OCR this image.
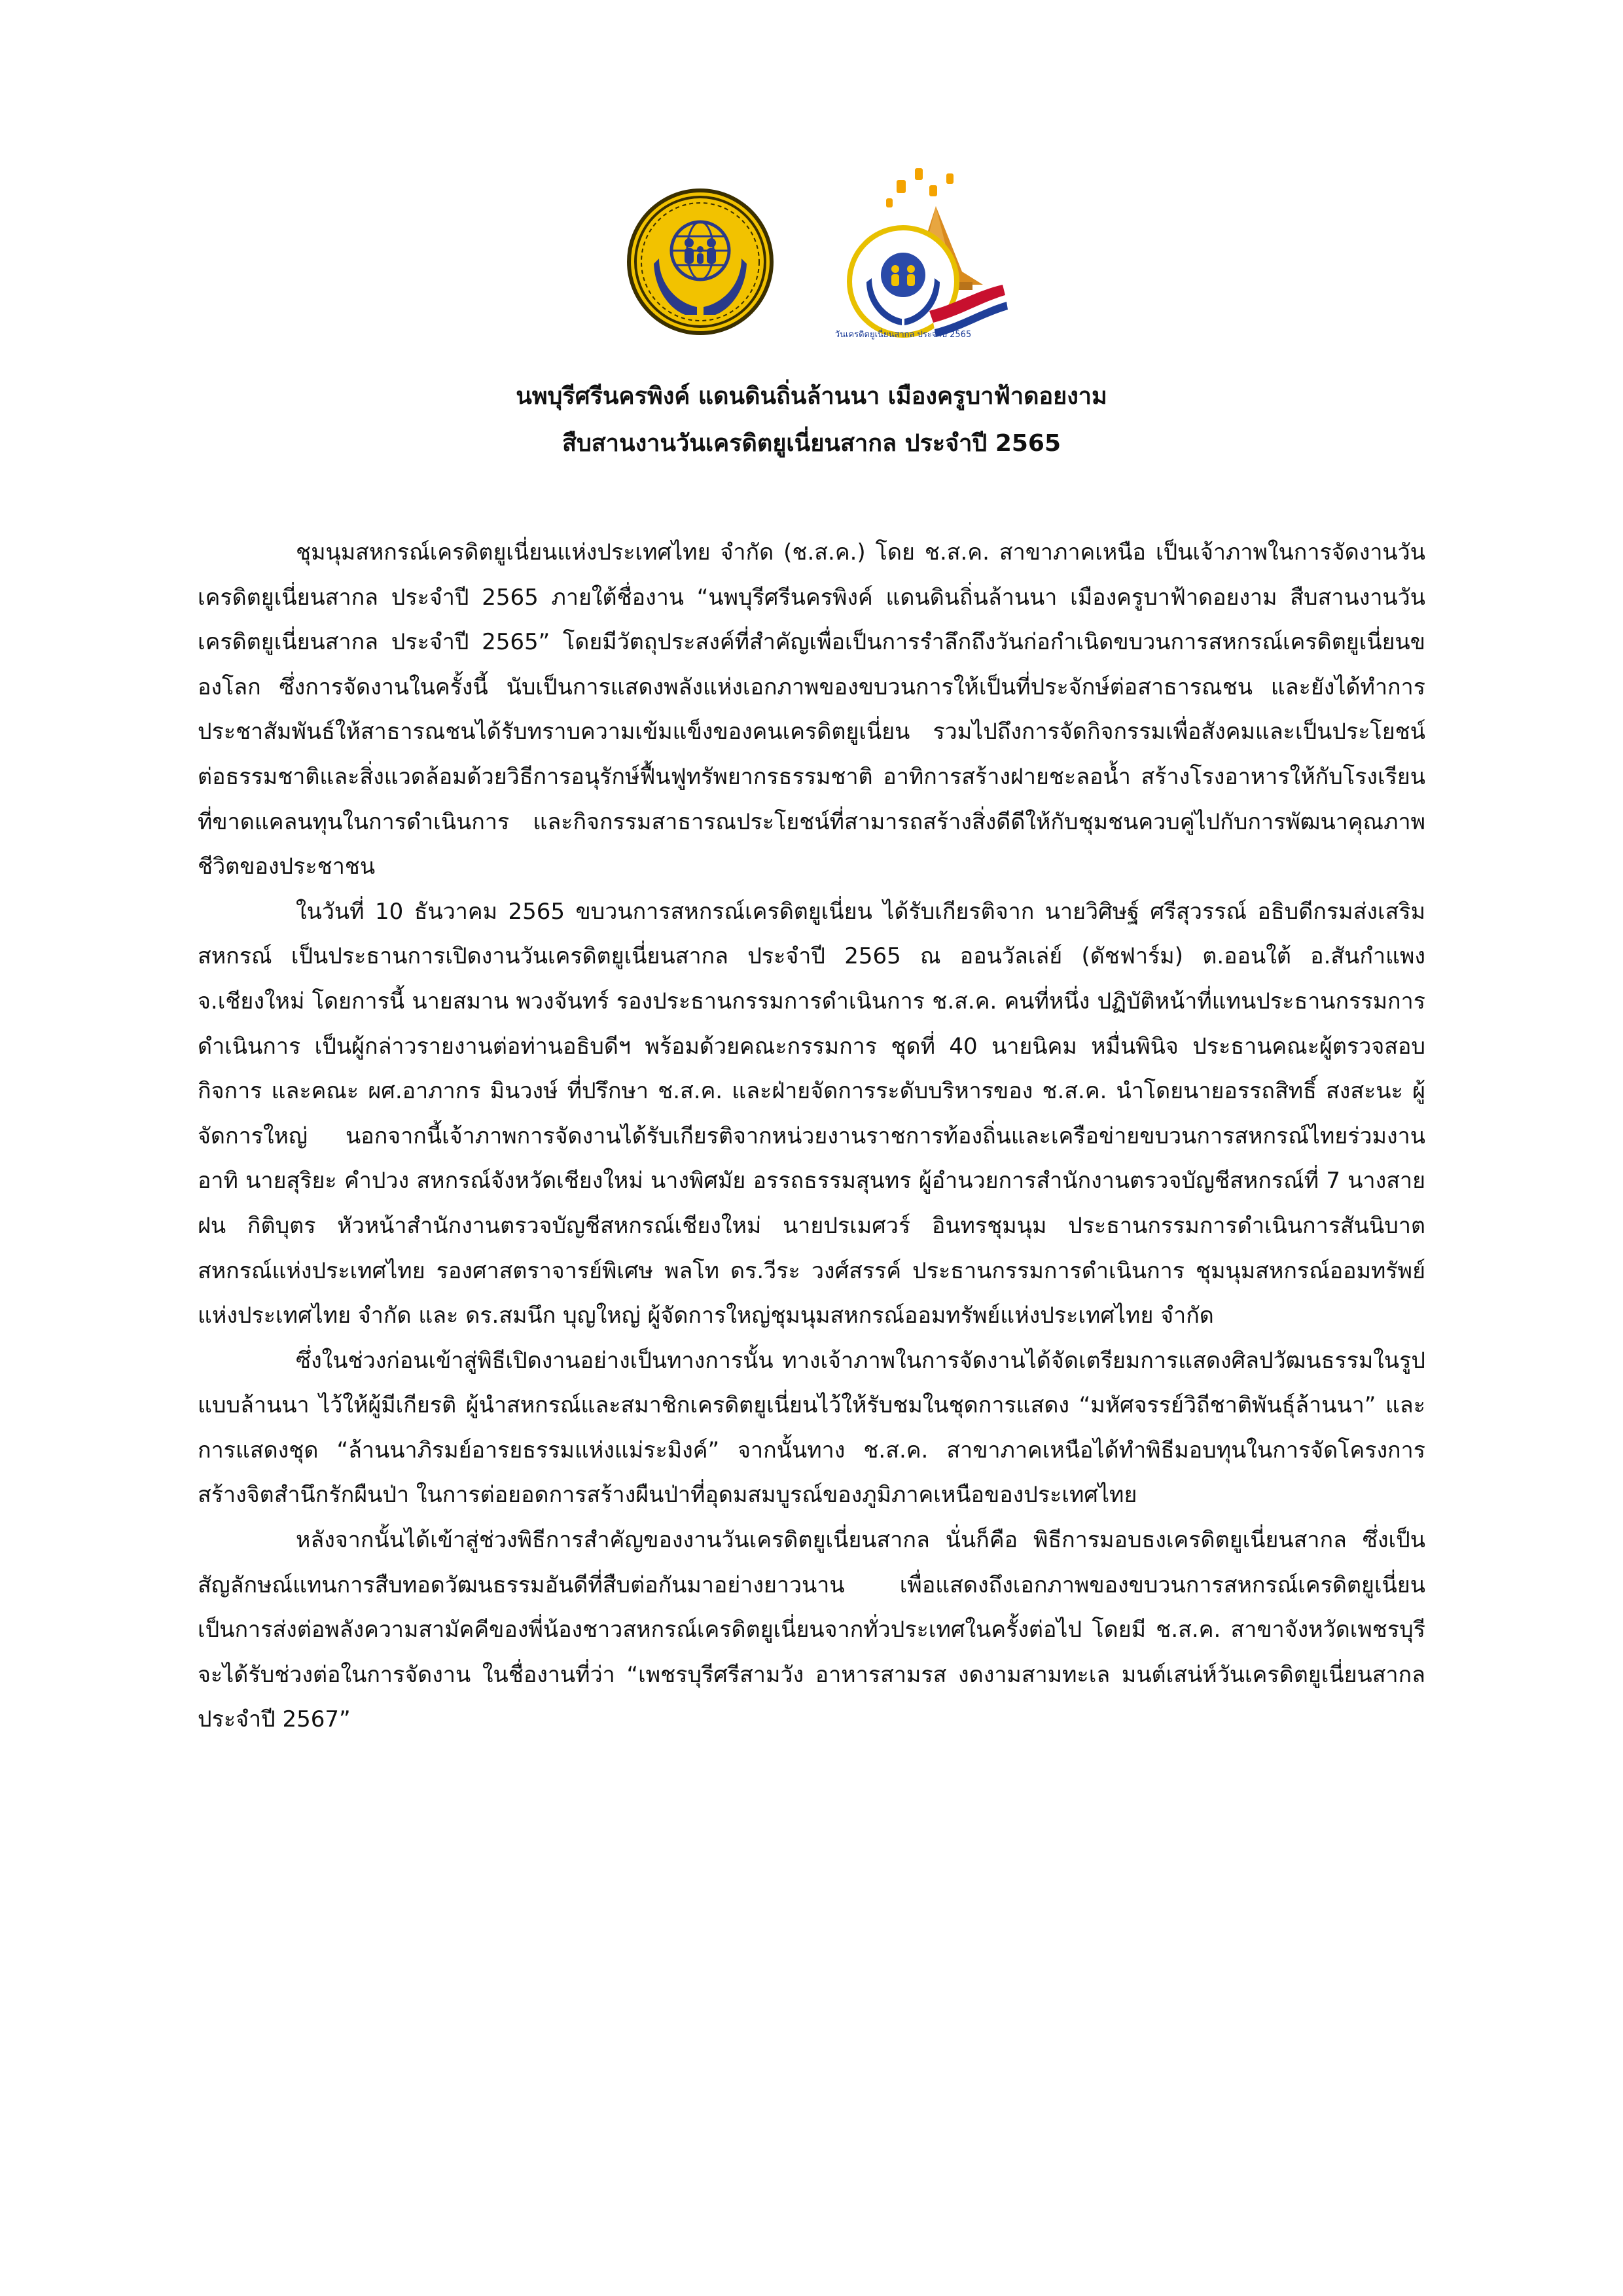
วันเครดิตยูเนี่ยนสากล ประจำปี 2565
นพบุรีศรีนครพิงค์ แดนดินถิ่นล้านนา เมืองครูบาฟ้าดอยงาม
สืบสานงานวันเครดิตยูเนี่ยนสากล ประจำปี 2565

ชุมนุมสหกรณ์เครดิตยูเนี่ยนแห่งประเทศไทย จำกัด (ช.ส.ค.) โดย ช.ส.ค. สาขาภาคเหนือ เป็นเจ้าภาพในการจัดงานวันเครดิตยูเนี่ยนสากล ประจำปี 2565 ภายใต้ชื่องาน “นพบุรีศรีนครพิงค์ แดนดินถิ่นล้านนา เมืองครูบาฟ้าดอยงาม สืบสานงานวันเครดิตยูเนี่ยนสากล ประจำปี 2565” โดยมีวัตถุประสงค์ที่สำคัญเพื่อเป็นการรำลึกถึงวันก่อกำเนิดขบวนการสหกรณ์เครดิตยูเนี่ยนของโลก ซึ่งการจัดงานในครั้งนี้ นับเป็นการแสดงพลังแห่งเอกภาพของขบวนการให้เป็นที่ประจักษ์ต่อสาธารณชน และยังได้ทำการประชาสัมพันธ์ให้สาธารณชนได้รับทราบความเข้มแข็งของคนเครดิตยูเนี่ยน รวมไปถึงการจัดกิจกรรมเพื่อสังคมและเป็นประโยชน์ต่อธรรมชาติและสิ่งแวดล้อมด้วยวิธีการอนุรักษ์ฟื้นฟูทรัพยากรธรรมชาติ อาทิการสร้างฝายชะลอน้ำ สร้างโรงอาหารให้กับโรงเรียนที่ขาดแคลนทุนในการดำเนินการ และกิจกรรมสาธารณประโยชน์ที่สามารถสร้างสิ่งดีดีให้กับชุมชนควบคู่ไปกับการพัฒนาคุณภาพชีวิตของประชาชน

ในวันที่ 10 ธันวาคม 2565 ขบวนการสหกรณ์เครดิตยูเนี่ยน ได้รับเกียรติจาก นายวิศิษฐ์ ศรีสุวรรณ์ อธิบดีกรมส่งเสริมสหกรณ์ เป็นประธานการเปิดงานวันเครดิตยูเนี่ยนสากล ประจำปี 2565 ณ ออนวัลเล่ย์ (ดัชฟาร์ม) ต.ออนใต้ อ.สันกำแพง จ.เชียงใหม่ โดยการนี้ นายสมาน พวงจันทร์ รองประธานกรรมการดำเนินการ ช.ส.ค. คนที่หนึ่ง ปฏิบัติหน้าที่แทนประธานกรรมการดำเนินการ เป็นผู้กล่าวรายงานต่อท่านอธิบดีฯ พร้อมด้วยคณะกรรมการ ชุดที่ 40 นายนิคม หมื่นพินิจ ประธานคณะผู้ตรวจสอบกิจการ และคณะ ผศ.อาภากร มินวงษ์ ที่ปรึกษา ช.ส.ค. และฝ่ายจัดการระดับบริหารของ ช.ส.ค. นำโดยนายอรรถสิทธิ์ สงสะนะ ผู้จัดการใหญ่ นอกจากนี้เจ้าภาพการจัดงานได้รับเกียรติจากหน่วยงานราชการท้องถิ่นและเครือข่ายขบวนการสหกรณ์ไทยร่วมงาน อาทิ นายสุริยะ คำปวง สหกรณ์จังหวัดเชียงใหม่ นางพิศมัย อรรถธรรมสุนทร ผู้อำนวยการสำนักงานตรวจบัญชีสหกรณ์ที่ 7 นางสายฝน กิติบุตร หัวหน้าสำนักงานตรวจบัญชีสหกรณ์เชียงใหม่ นายปรเมศวร์ อินทรชุมนุม ประธานกรรมการดำเนินการสันนิบาตสหกรณ์แห่งประเทศไทย รองศาสตราจารย์พิเศษ พลโท ดร.วีระ วงศ์สรรค์ ประธานกรรมการดำเนินการ ชุมนุมสหกรณ์ออมทรัพย์แห่งประเทศไทย จำกัด และ ดร.สมนึก บุญใหญ่ ผู้จัดการใหญ่ชุมนุมสหกรณ์ออมทรัพย์แห่งประเทศไทย จำกัด

ซึ่งในช่วงก่อนเข้าสู่พิธีเปิดงานอย่างเป็นทางการนั้น ทางเจ้าภาพในการจัดงานได้จัดเตรียมการแสดงศิลปวัฒนธรรมในรูปแบบล้านนา ไว้ให้ผู้มีเกียรติ ผู้นำสหกรณ์และสมาชิกเครดิตยูเนี่ยนไว้ให้รับชมในชุดการแสดง “มหัศจรรย์วิถีชาติพันธุ์ล้านนา” และการแสดงชุด “ล้านนาภิรมย์อารยธรรมแห่งแม่ระมิงค์” จากนั้นทาง ช.ส.ค. สาขาภาคเหนือได้ทำพิธีมอบทุนในการจัดโครงการสร้างจิตสำนึกรักผืนป่า ในการต่อยอดการสร้างผืนป่าที่อุดมสมบูรณ์ของภูมิภาคเหนือของประเทศไทย

หลังจากนั้นได้เข้าสู่ช่วงพิธีการสำคัญของงานวันเครดิตยูเนี่ยนสากล นั่นก็คือ พิธีการมอบธงเครดิตยูเนี่ยนสากล ซึ่งเป็นสัญลักษณ์แทนการสืบทอดวัฒนธรรมอันดีที่สืบต่อกันมาอย่างยาวนาน เพื่อแสดงถึงเอกภาพของขบวนการสหกรณ์เครดิตยูเนี่ยน เป็นการส่งต่อพลังความสามัคคีของพี่น้องชาวสหกรณ์เครดิตยูเนี่ยนจากทั่วประเทศในครั้งต่อไป โดยมี ช.ส.ค. สาขาจังหวัดเพชรบุรี จะได้รับช่วงต่อในการจัดงาน ในชื่องานที่ว่า “เพชรบุรีศรีสามวัง อาหารสามรส งดงามสามทะเล มนต์เสน่ห์วันเครดิตยูเนี่ยนสากล ประจำปี 2567”
